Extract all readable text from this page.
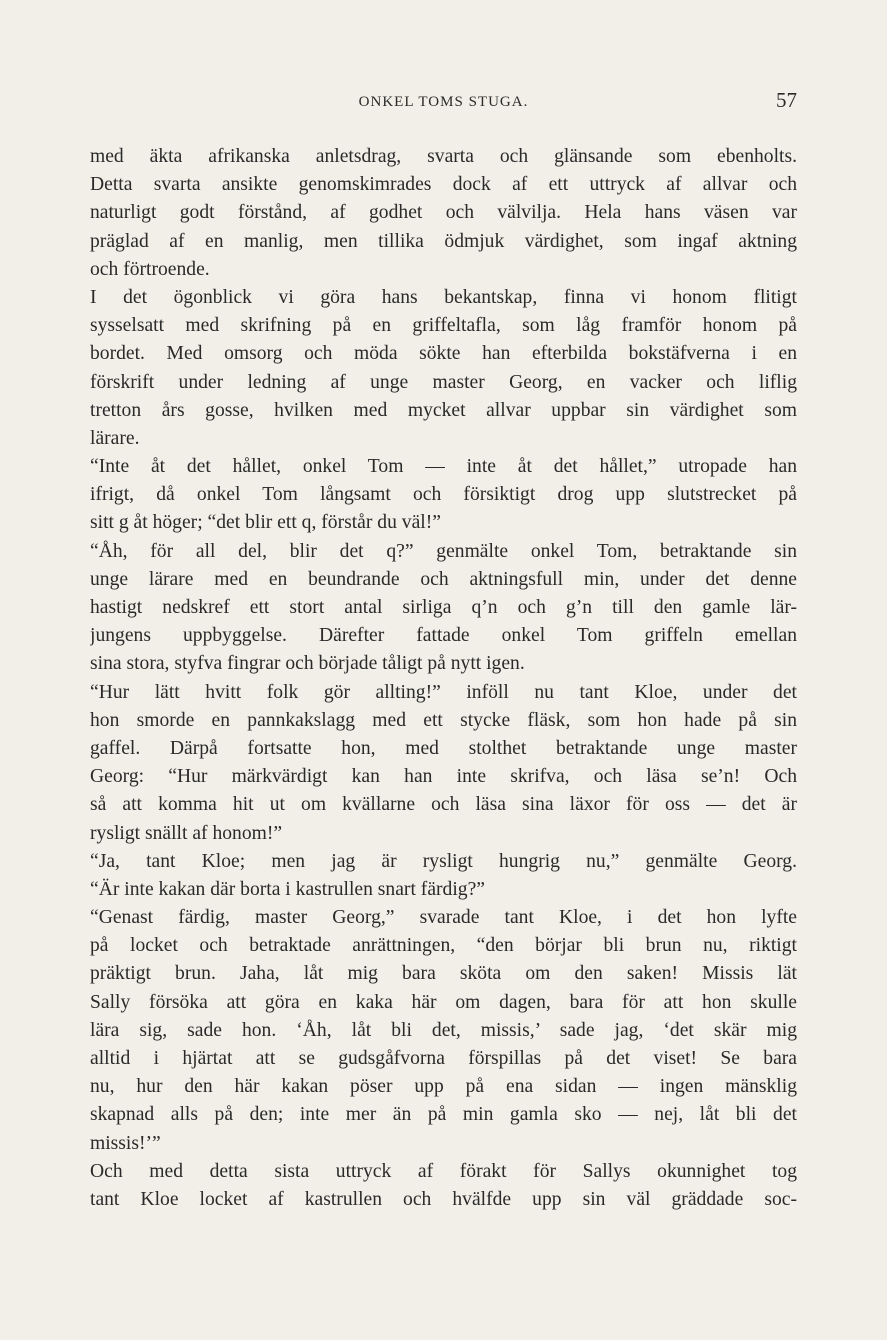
ONKEL TOMS STUGA.	57
med äkta afrikanska anletsdrag, svarta och glänsande som ebenholts.
Detta svarta ansikte genomskimrades dock af ett uttryck af allvar och
naturligt godt förstånd, af godhet och välvilja. Hela hans väsen var
präglad af en manlig, men tillika ödmjuk värdighet, som ingaf aktning
och förtroende.
I det ögonblick vi göra hans bekantskap, finna vi honom flitigt
sysselsatt med skrifning på en griffeltafla, som låg framför honom på
bordet. Med omsorg och möda sökte han efterbilda bokstäfverna i en
förskrift under ledning af unge master Georg, en vacker och liflig
tretton års gosse, hvilken med mycket allvar uppbar sin värdighet som
lärare.
“Inte åt det hållet, onkel Tom — inte åt det hållet,” utropade han
ifrigt, då onkel Tom långsamt och försiktigt drog upp slutstrecket på
sitt g åt höger; “det blir ett q, förstår du väl!”
“Åh, för all del, blir det q?” genmälte onkel Tom, betraktande sin
unge lärare med en beundrande och aktningsfull min, under det denne
hastigt nedskref ett stort antal sirliga q’n och g’n till den gamle lär-
jungens uppbyggelse. Därefter fattade onkel Tom griffeln emellan
sina stora, styfva fingrar och började tåligt på nytt igen.
“Hur lätt hvitt folk gör allting!” inföll nu tant Kloe, under det
hon smorde en pannkakslagg med ett stycke fläsk, som hon hade på sin
gaffel. Därpå fortsatte hon, med stolthet betraktande unge master
Georg: “Hur märkvärdigt kan han inte skrifva, och läsa se’n! Och
så att komma hit ut om kvällarne och läsa sina läxor för oss — det är
rysligt snällt af honom!”
“Ja, tant Kloe; men jag är rysligt hungrig nu,” genmälte Georg.
“Är inte kakan där borta i kastrullen snart färdig?”
“Genast färdig, master Georg,” svarade tant Kloe, i det hon lyfte
på locket och betraktade anrättningen, “den börjar bli brun nu, riktigt
präktigt brun. Jaha, låt mig bara sköta om den saken! Missis lät
Sally försöka att göra en kaka här om dagen, bara för att hon skulle
lära sig, sade hon. ‘Åh, låt bli det, missis,’ sade jag, ‘det skär mig
alltid i hjärtat att se gudsgåfvorna förspillas på det viset! Se bara
nu, hur den här kakan pöser upp på ena sidan — ingen mänsklig
skapnad alls på den; inte mer än på min gamla sko — nej, låt bli det
missis!’”
Och med detta sista uttryck af förakt för Sallys okunnighet tog
tant Kloe locket af kastrullen och hvälfde upp sin väl gräddade soc-
